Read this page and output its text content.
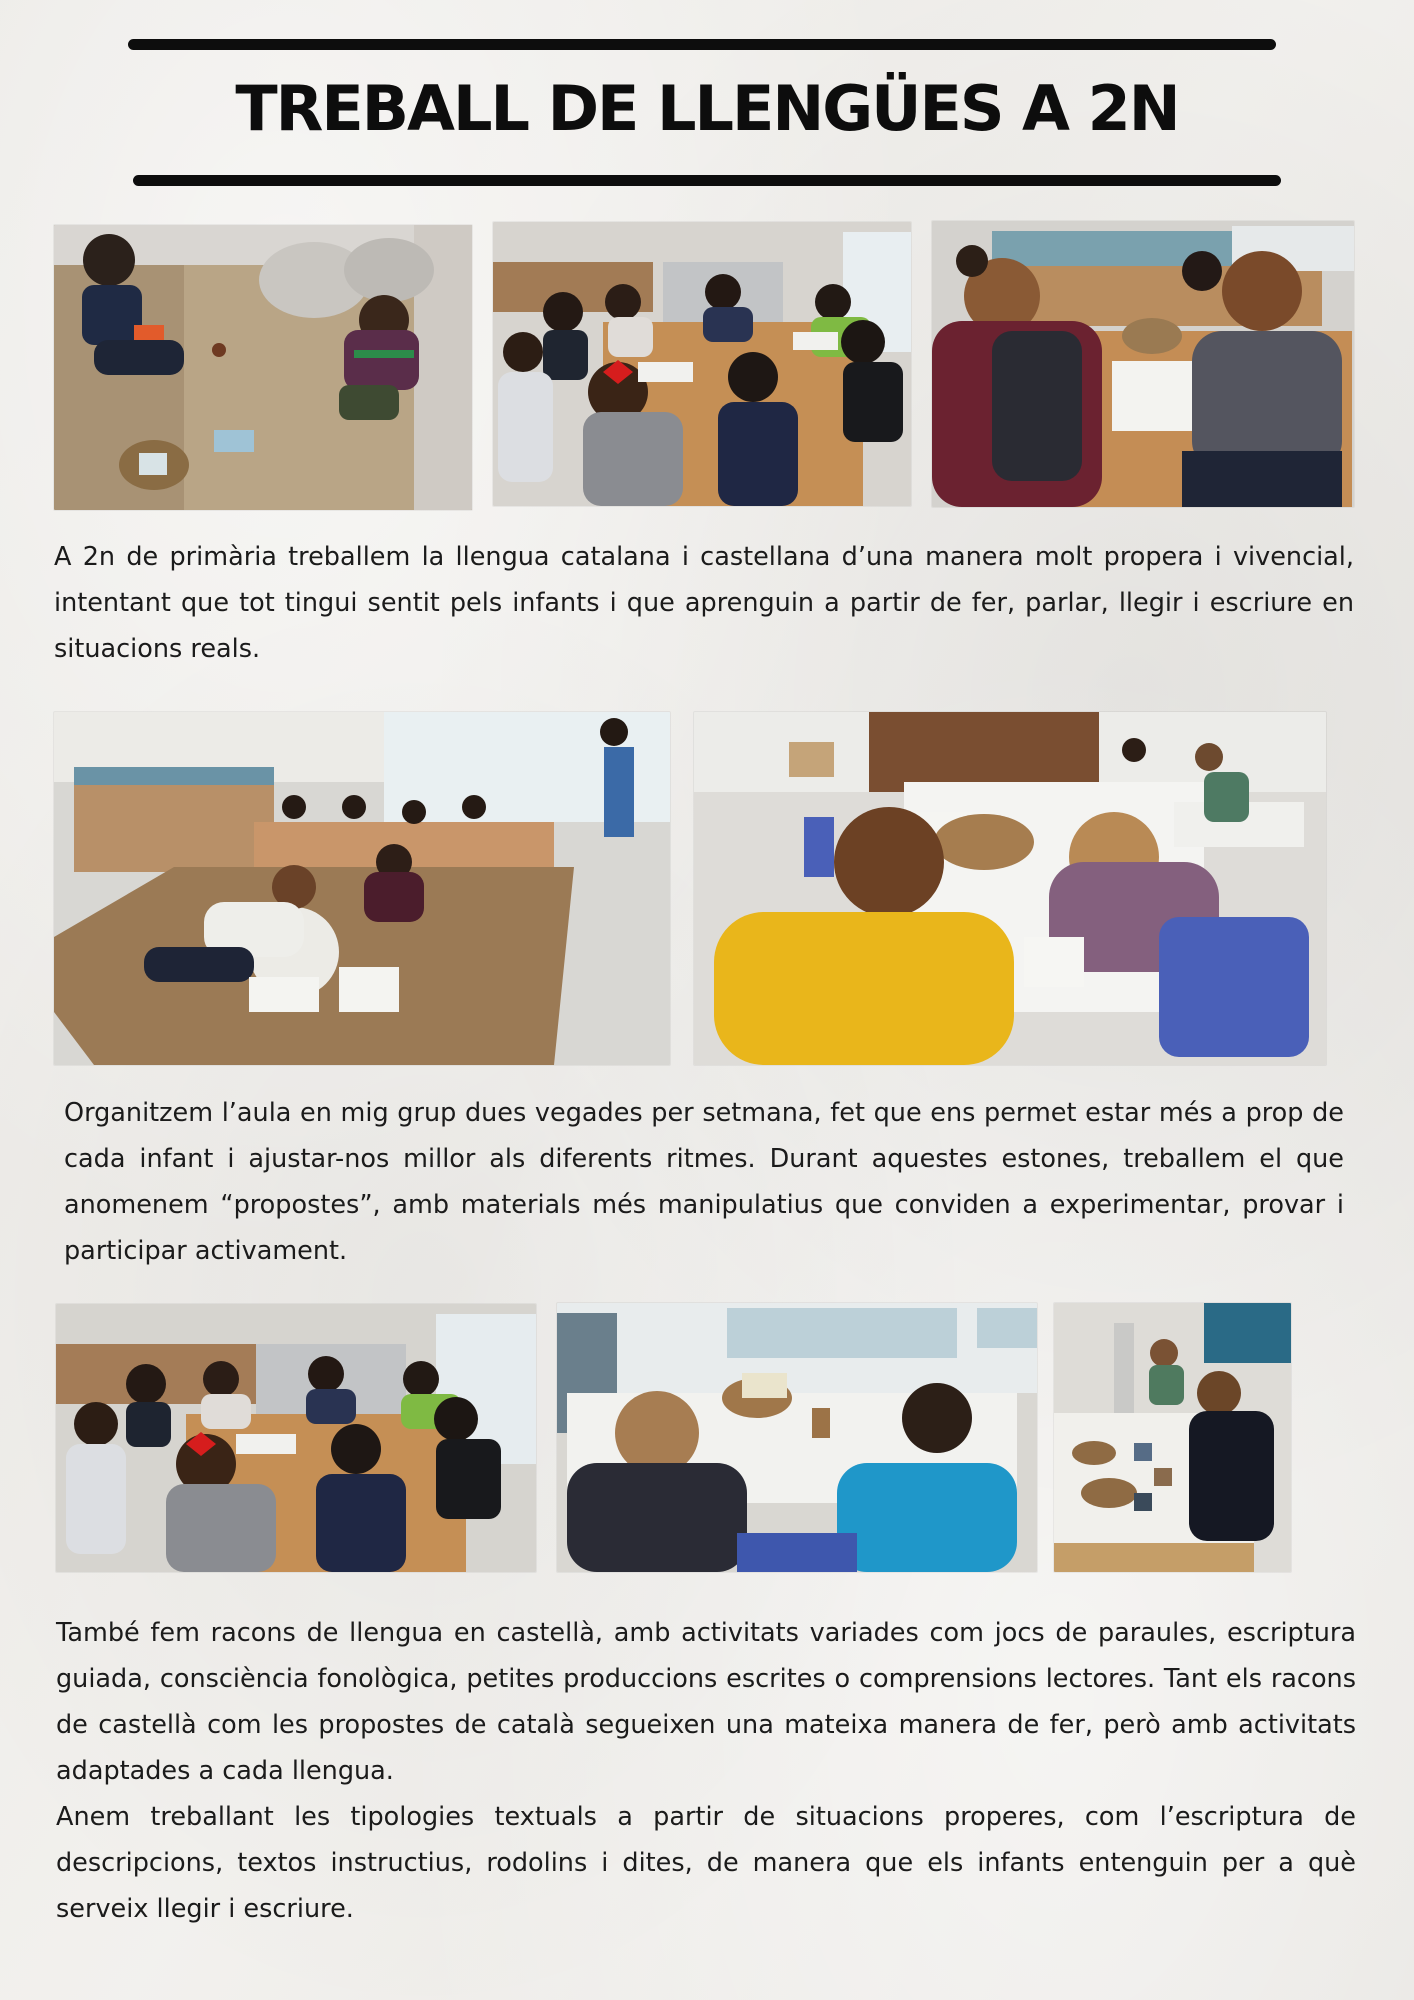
TREBALL DE LLENGÜES A 2N

A 2n de primària treballem la llengua catalana i castellana d’una manera molt propera i vivencial, intentant que tot tingui sentit pels infants i que aprenguin a partir de fer, parlar, llegir i escriure en situacions reals.

Organitzem l’aula en mig grup dues vegades per setmana, fet que ens permet estar més a prop de cada infant i ajustar-nos millor als diferents ritmes. Durant aquestes estones, treballem el que anomenem “propostes”, amb materials més manipulatius que conviden a experimentar, provar i participar activament.

També fem racons de llengua en castellà, amb activitats variades com jocs de paraules, escriptura guiada, consciència fonològica, petites produccions escrites o comprensions lectores. Tant els racons de castellà com les propostes de català segueixen una mateixa manera de fer, però amb activitats adaptades a cada llengua.

Anem treballant les tipologies textuals a partir de situacions properes, com l’escriptura de descripcions, textos instructius, rodolins i dites, de manera que els infants entenguin per a què serveix llegir i escriure.
